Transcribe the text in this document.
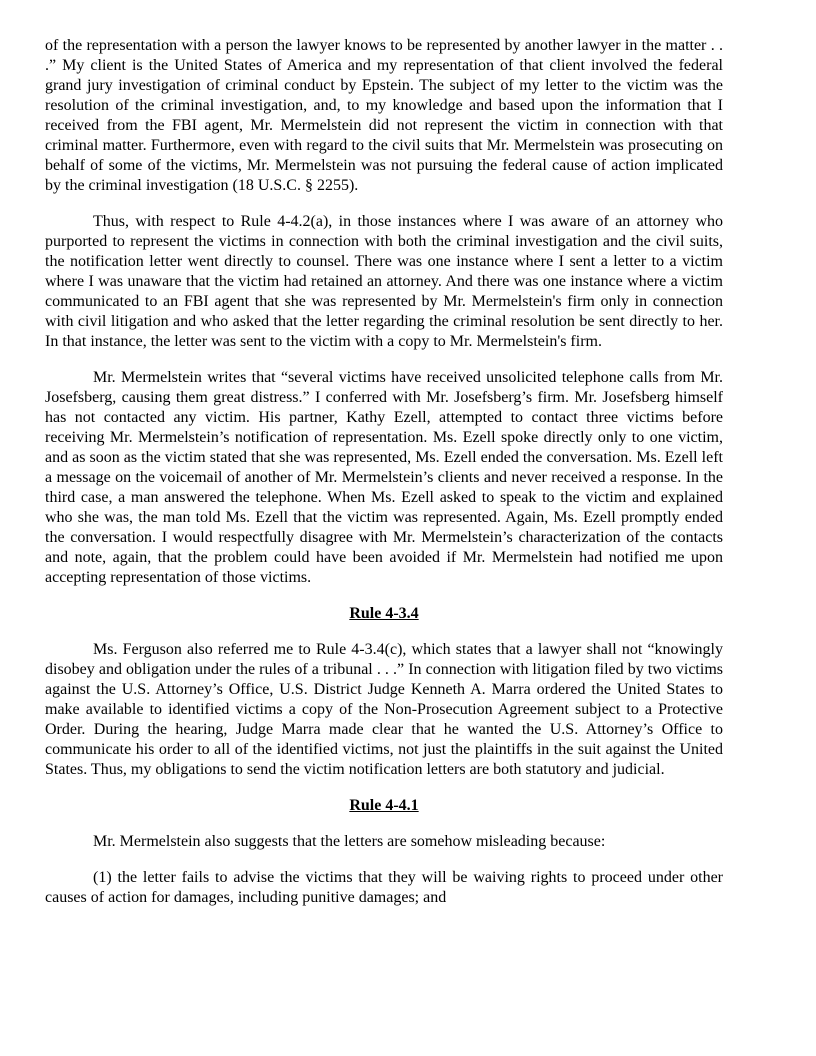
of the representation with a person the lawyer knows to be represented by another lawyer in the matter . . .” My client is the United States of America and my representation of that client involved the federal grand jury investigation of criminal conduct by Epstein. The subject of my letter to the victim was the resolution of the criminal investigation, and, to my knowledge and based upon the information that I received from the FBI agent, Mr. Mermelstein did not represent the victim in connection with that criminal matter. Furthermore, even with regard to the civil suits that Mr. Mermelstein was prosecuting on behalf of some of the victims, Mr. Mermelstein was not pursuing the federal cause of action implicated by the criminal investigation (18 U.S.C. § 2255).

Thus, with respect to Rule 4-4.2(a), in those instances where I was aware of an attorney who purported to represent the victims in connection with both the criminal investigation and the civil suits, the notification letter went directly to counsel. There was one instance where I sent a letter to a victim where I was unaware that the victim had retained an attorney. And there was one instance where a victim communicated to an FBI agent that she was represented by Mr. Mermelstein's firm only in connection with civil litigation and who asked that the letter regarding the criminal resolution be sent directly to her. In that instance, the letter was sent to the victim with a copy to Mr. Mermelstein's firm.

Mr. Mermelstein writes that “several victims have received unsolicited telephone calls from Mr. Josefsberg, causing them great distress.” I conferred with Mr. Josefsberg’s firm. Mr. Josefsberg himself has not contacted any victim. His partner, Kathy Ezell, attempted to contact three victims before receiving Mr. Mermelstein’s notification of representation. Ms. Ezell spoke directly only to one victim, and as soon as the victim stated that she was represented, Ms. Ezell ended the conversation. Ms. Ezell left a message on the voicemail of another of Mr. Mermelstein’s clients and never received a response. In the third case, a man answered the telephone. When Ms. Ezell asked to speak to the victim and explained who she was, the man told Ms. Ezell that the victim was represented. Again, Ms. Ezell promptly ended the conversation. I would respectfully disagree with Mr. Mermelstein’s characterization of the contacts and note, again, that the problem could have been avoided if Mr. Mermelstein had notified me upon accepting representation of those victims.

Rule 4-3.4

Ms. Ferguson also referred me to Rule 4-3.4(c), which states that a lawyer shall not “knowingly disobey and obligation under the rules of a tribunal . . .” In connection with litigation filed by two victims against the U.S. Attorney’s Office, U.S. District Judge Kenneth A. Marra ordered the United States to make available to identified victims a copy of the Non-Prosecution Agreement subject to a Protective Order. During the hearing, Judge Marra made clear that he wanted the U.S. Attorney’s Office to communicate his order to all of the identified victims, not just the plaintiffs in the suit against the United States. Thus, my obligations to send the victim notification letters are both statutory and judicial.

Rule 4-4.1

Mr. Mermelstein also suggests that the letters are somehow misleading because:

(1) the letter fails to advise the victims that they will be waiving rights to proceed under other causes of action for damages, including punitive damages; and
